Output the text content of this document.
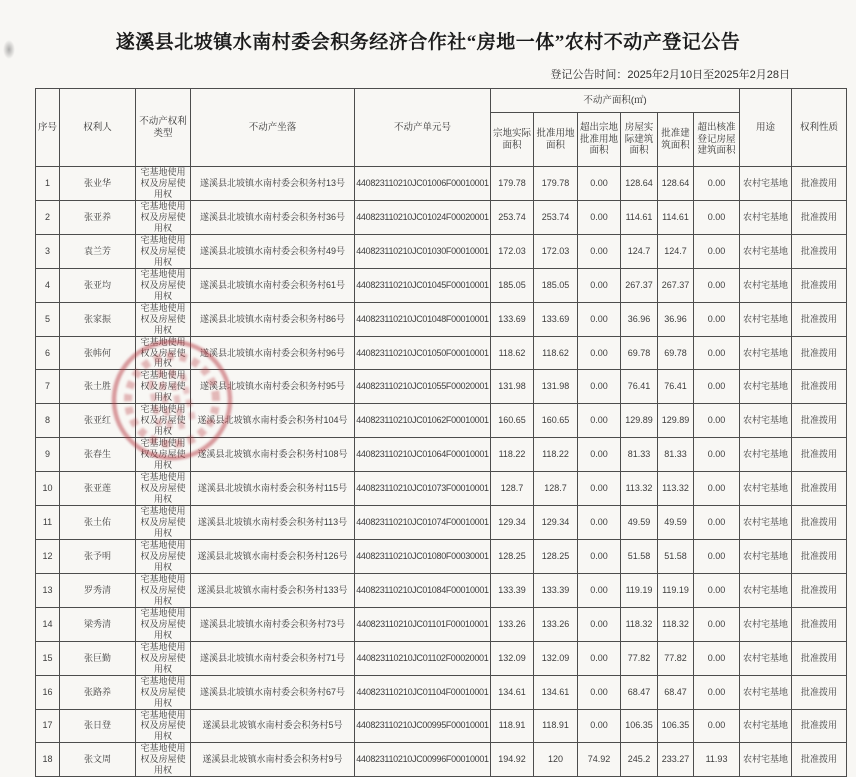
遂溪县北坡镇水南村委会积务经济合作社“房地一体”农村不动产登记公告
登记公告时间：2025年2月10日至2025年2月28日
序号	权利人	不动产权利类型	不动产坐落	不动产单元号	不动产面积(㎡)						用途	权利性质
					宗地实际面积	批准用地面积	超出宗地批准用地面积	房屋实际建筑面积	批准建筑面积	超出核准登记房屋建筑面积		
1	张业华	宅基地使用权及房屋使用权	遂溪县北坡镇水南村委会积务村13号	440823110210JC01006F00010001	179.78	179.78	0.00	128.64	128.64	0.00	农村宅基地	批准拨用
2	张亚养	宅基地使用权及房屋使用权	遂溪县北坡镇水南村委会积务村36号	440823110210JC01024F00020001	253.74	253.74	0.00	114.61	114.61	0.00	农村宅基地	批准拨用
3	袁兰芳	宅基地使用权及房屋使用权	遂溪县北坡镇水南村委会积务村49号	440823110210JC01030F00010001	172.03	172.03	0.00	124.7	124.7	0.00	农村宅基地	批准拨用
4	张亚均	宅基地使用权及房屋使用权	遂溪县北坡镇水南村委会积务村61号	440823110210JC01045F00010001	185.05	185.05	0.00	267.37	267.37	0.00	农村宅基地	批准拨用
5	张家振	宅基地使用权及房屋使用权	遂溪县北坡镇水南村委会积务村86号	440823110210JC01048F00010001	133.69	133.69	0.00	36.96	36.96	0.00	农村宅基地	批准拨用
6	张帏何	宅基地使用权及房屋使用权	遂溪县北坡镇水南村委会积务村96号	440823110210JC01050F00010001	118.62	118.62	0.00	69.78	69.78	0.00	农村宅基地	批准拨用
7	张土胜	宅基地使用权及房屋使用权	遂溪县北坡镇水南村委会积务村95号	440823110210JC01055F00020001	131.98	131.98	0.00	76.41	76.41	0.00	农村宅基地	批准拨用
8	张亚红	宅基地使用权及房屋使用权	遂溪县北坡镇水南村委会积务村104号	440823110210JC01062F00010001	160.65	160.65	0.00	129.89	129.89	0.00	农村宅基地	批准拨用
9	张春生	宅基地使用权及房屋使用权	遂溪县北坡镇水南村委会积务村108号	440823110210JC01064F00010001	118.22	118.22	0.00	81.33	81.33	0.00	农村宅基地	批准拨用
10	张亚莲	宅基地使用权及房屋使用权	遂溪县北坡镇水南村委会积务村115号	440823110210JC01073F00010001	128.7	128.7	0.00	113.32	113.32	0.00	农村宅基地	批准拨用
11	张土佑	宅基地使用权及房屋使用权	遂溪县北坡镇水南村委会积务村113号	440823110210JC01074F00010001	129.34	129.34	0.00	49.59	49.59	0.00	农村宅基地	批准拨用
12	张予明	宅基地使用权及房屋使用权	遂溪县北坡镇水南村委会积务村126号	440823110210JC01080F00030001	128.25	128.25	0.00	51.58	51.58	0.00	农村宅基地	批准拨用
13	罗秀清	宅基地使用权及房屋使用权	遂溪县北坡镇水南村委会积务村133号	440823110210JC01084F00010001	133.39	133.39	0.00	119.19	119.19	0.00	农村宅基地	批准拨用
14	梁秀清	宅基地使用权及房屋使用权	遂溪县北坡镇水南村委会积务村73号	440823110210JC01101F00010001	133.26	133.26	0.00	118.32	118.32	0.00	农村宅基地	批准拨用
15	张巨勤	宅基地使用权及房屋使用权	遂溪县北坡镇水南村委会积务村71号	440823110210JC01102F00020001	132.09	132.09	0.00	77.82	77.82	0.00	农村宅基地	批准拨用
16	张路养	宅基地使用权及房屋使用权	遂溪县北坡镇水南村委会积务村67号	440823110210JC01104F00010001	134.61	134.61	0.00	68.47	68.47	0.00	农村宅基地	批准拨用
17	张日登	宅基地使用权及房屋使用权	遂溪县北坡镇水南村委会积务村5号	440823110210JC00995F00010001	118.91	118.91	0.00	106.35	106.35	0.00	农村宅基地	批准拨用
18	张文周	宅基地使用权及房屋使用权	遂溪县北坡镇水南村委会积务村9号	440823110210JC00996F00010001	194.92	120	74.92	245.2	233.27	11.93	农村宅基地	批准拨用
